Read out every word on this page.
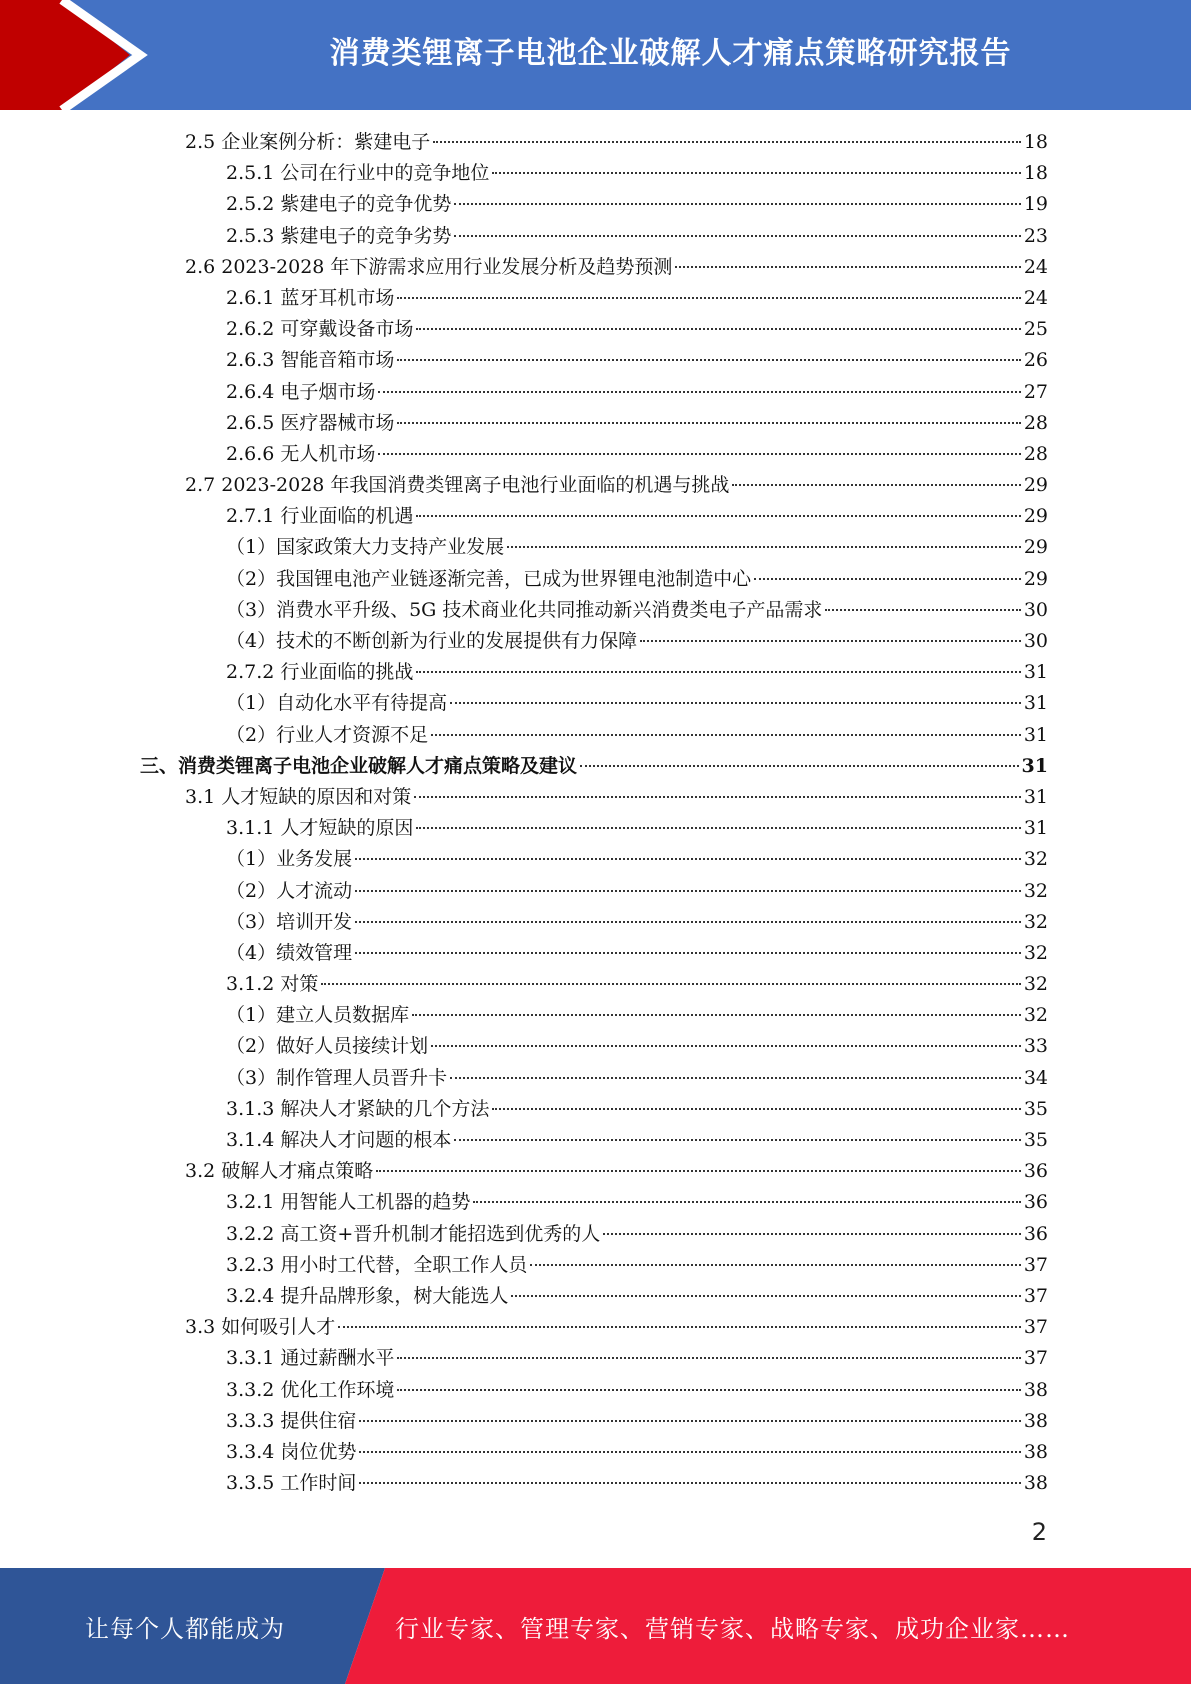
消费类锂离子电池企业破解人才痛点策略研究报告
2.5 企业案例分析：紫建电子	18
2.5.1 公司在行业中的竞争地位	18
2.5.2 紫建电子的竞争优势	19
2.5.3 紫建电子的竞争劣势	23
2.6 2023-2028 年下游需求应用行业发展分析及趋势预测	24
2.6.1 蓝牙耳机市场	24
2.6.2 可穿戴设备市场	25
2.6.3 智能音箱市场	26
2.6.4 电子烟市场	27
2.6.5 医疗器械市场	28
2.6.6 无人机市场	28
2.7 2023-2028 年我国消费类锂离子电池行业面临的机遇与挑战	29
2.7.1 行业面临的机遇	29
（1）国家政策大力支持产业发展	29
（2）我国锂电池产业链逐渐完善，已成为世界锂电池制造中心	29
（3）消费水平升级、5G 技术商业化共同推动新兴消费类电子产品需求	30
（4）技术的不断创新为行业的发展提供有力保障	30
2.7.2 行业面临的挑战	31
（1）自动化水平有待提高	31
（2）行业人才资源不足	31
三、消费类锂离子电池企业破解人才痛点策略及建议	31
3.1 人才短缺的原因和对策	31
3.1.1 人才短缺的原因	31
（1）业务发展	32
（2）人才流动	32
（3）培训开发	32
（4）绩效管理	32
3.1.2 对策	32
（1）建立人员数据库	32
（2）做好人员接续计划	33
（3）制作管理人员晋升卡	34
3.1.3 解决人才紧缺的几个方法	35
3.1.4 解决人才问题的根本	35
3.2 破解人才痛点策略	36
3.2.1 用智能人工机器的趋势	36
3.2.2 高工资+晋升机制才能招选到优秀的人	36
3.2.3 用小时工代替，全职工作人员	37
3.2.4 提升品牌形象，树大能选人	37
3.3 如何吸引人才	37
3.3.1 通过薪酬水平	37
3.3.2 优化工作环境	38
3.3.3 提供住宿	38
3.3.4 岗位优势	38
3.3.5 工作时间	38
2
让每个人都能成为	行业专家、管理专家、营销专家、战略专家、成功企业家……
